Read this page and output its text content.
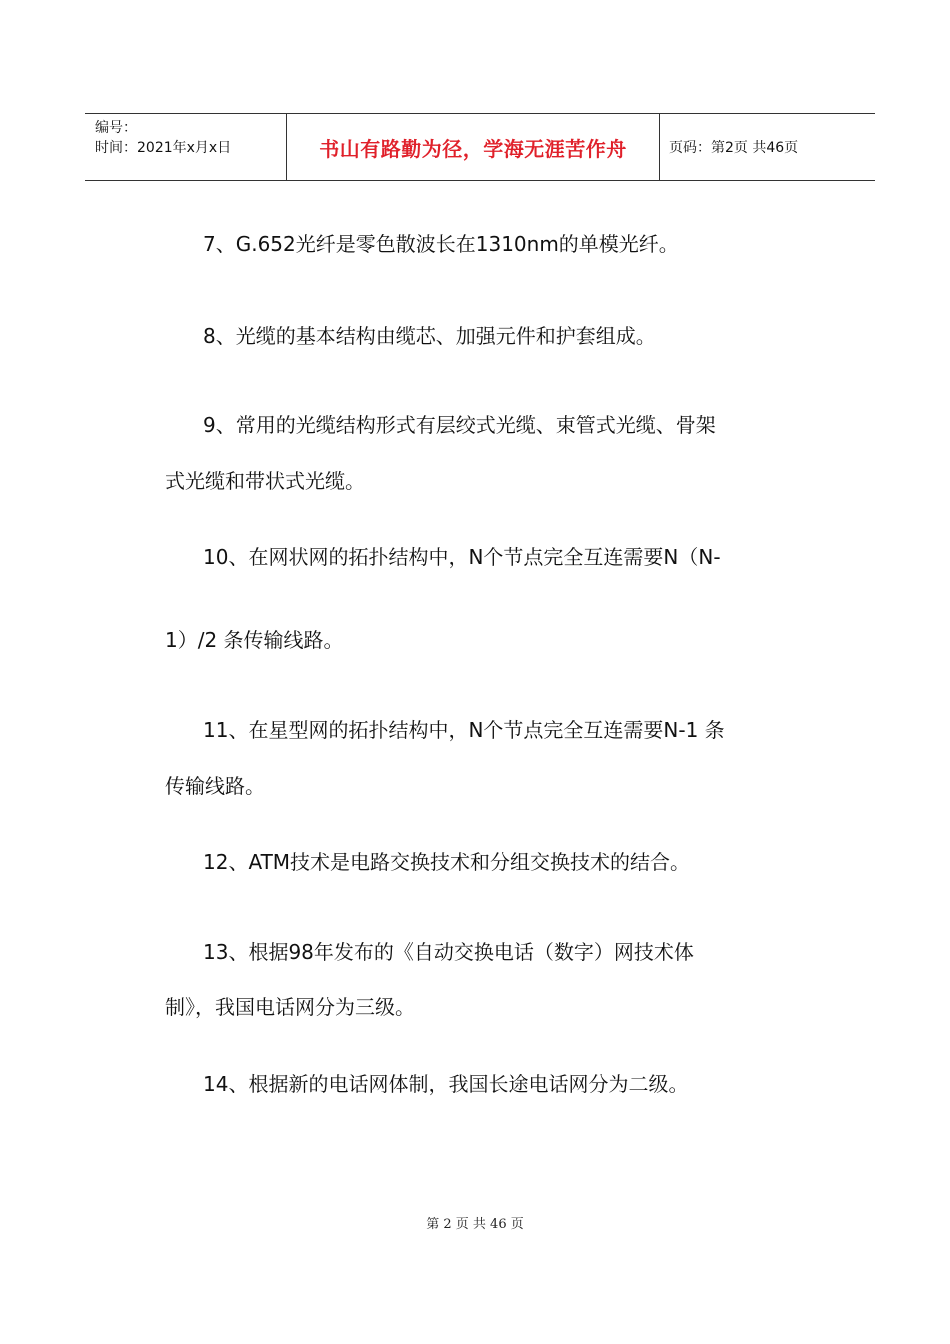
编号：
时间：2021年x月x日	书山有路勤为径，学海无涯苦作舟	页码：第2页 共46页
7、G.652光纤是零色散波长在1310nm的单模光纤。
8、光缆的基本结构由缆芯、加强元件和护套组成。
9、常用的光缆结构形式有层绞式光缆、束管式光缆、骨架
式光缆和带状式光缆。
10、在网状网的拓扑结构中，N个节点完全互连需要N（N-
1）/2 条传输线路。
11、在星型网的拓扑结构中，N个节点完全互连需要N-1 条
传输线路。
12、ATM技术是电路交换技术和分组交换技术的结合。
13、根据98年发布的《自动交换电话（数字）网技术体
制》，我国电话网分为三级。
14、根据新的电话网体制，我国长途电话网分为二级。
第 2 页 共 46 页
